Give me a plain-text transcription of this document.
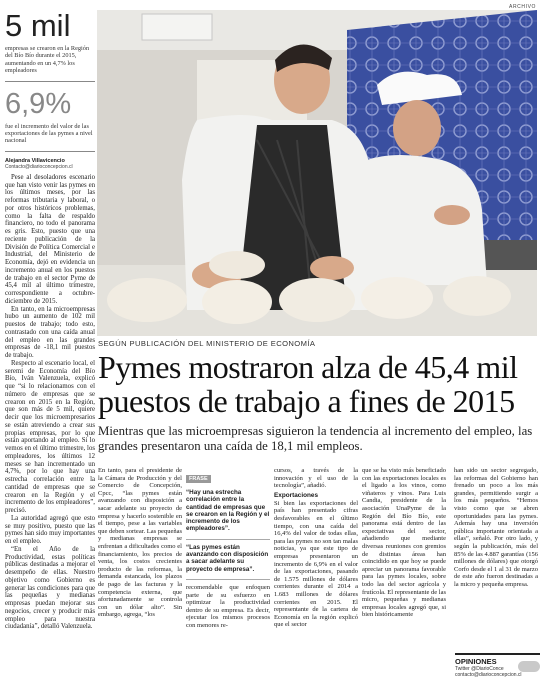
ARCHIVO
5 mil
empresas se crearon en la Región del Bío Bío durante el 2015, aumentando en un 4,7% los empleadores
6,9%
fue el incremento del valor de las exportaciones de las pymes a nivel nacional
Alejandra Villavicencio
Contacto@diarioconcepcion.cl

Pese al desoladores escenario que han visto venir las pymes en los últimos meses, por las reformas tributaria y laboral, o por otros históricos problemas, como la falta de respaldo financiero, no todo el panorama es gris. Esto, puesto que una reciente publicación de la División de Política Comercial e Industrial, del Ministerio de Economía, dejó en evidencia un incremento anual en los puestos de trabajo en el sector Pyme de 45,4 mil al último trimestre, correspondiente a octubre-diciembre de 2015.

En tanto, en la microempresas hubo un aumento de 102 mil puestos de trabajo; todo esto, contrastado con una caída anual del empleo en las grandes empresas de -18,1 mil puestos de trabajo.

Respecto al escenario local, el seremi de Economía del Bío Bío, Iván Valenzuela, explicó que “si lo relacionamos con el número de empresas que se crearon en 2015 en la Región, que son más de 5 mil, quiere decir que los microempresarios se están atreviendo a crear sus propias empresas, por lo que están aportando al empleo. Si lo vemos en el último trimestre, los empleadores, los últimos 12 meses se han incrementado un 4,7%, por lo que hay una estrecha correlación entre la cantidad de empresas que se crearon en la Región y el incremento de los empleadores”, precisó.

La autoridad agregó que esto se muy positivo, puesto que las pymes han sido muy importantes en el empleo.

“En el Año de la Productividad, estas políticas públicas destinadas a mejorar el desempeño de ellas. Nuestro objetivo como Gobierno es generar las condiciones para que las pequeñas y medianas empresas puedan mejorar sus negocios, crecer y producir más empleo para nuestra ciudadanía”, detalló Valenzuela.

SEGÚN PUBLICACIÓN DEL MINISTERIO DE ECONOMÍA
Pymes mostraron alza de 45,4 mil puestos de trabajo a fines de 2015
Mientras que las microempresas siguieron la tendencia al incremento del empleo, las grandes presentaron una caída de 18,1 mil empleos.
En tanto, para el presidente de la Cámara de Producción y del Comercio de Concepción, Cpcc, “las pymes están avanzando con disposición a sacar adelante su proyecto de empresa y hacerlo sostenible en el tiempo, pese a las variables que deben sortear. Las pequeñas y medianas empresas se enfrentan a dificultades como el financiamiento, los precios de venta, los costos crecientes producto de las reformas, la demanda estancada, los plazos de pago de las facturas y la competencia externa, que afortunadamente se controla con un dólar alto”. Sin embargo, agrega, “los
FRASE
“Hay una estrecha correlación entre la cantidad de empresas que se crearon en la Región y el incremento de los empleadores”.
“Las pymes están avanzando con disposición a sacar adelante su proyecto de empresa”.
recomendable que enfoquen parte de su esfuerzo en optimizar la productividad dentro de su empresa. Es decir, ejecutar los mismos procesos con menores re-
cursos, a través de la innovación y el uso de la tecnología”, añadió.
Exportaciones
Si bien las exportaciones del país han presentado cifras desfavorables en el último tiempo, con una caída del 16,4% del valor de todas ellas, para las pymes no son tan malas noticias, ya que este tipo de empresas presentaron un incremento de 6,9% en el valor de las exportaciones, pasando de 1.575 millones de dólares corrientes durante el 2014 a 1.683 millones de dólares corrientes en 2015. El representante de la cartera de Economía en la región explicó que el sector
que se ha visto más beneficiado con las exportaciones locales es el ligado a los vinos, como viñateros y vinos. Para Luis Candia, presidente de la asociación UnaPyme de la Región del Bío Bío, este panorama está dentro de las expectativas del sector, añadiendo que mediante diversas reuniones con gremios de distintas áreas han coincidido en que hoy se puede apreciar un panorama favorable para las pymes locales, sobre todo las del sector agrícola y frutícola. El representante de las micro, pequeñas y medianas empresas locales agregó que, si bien históricamente
han sido un sector segregado, las reformas del Gobierno han frenado un poco a los más grandes, permitiendo surgir a los más pequeños. “Hemos visto como que se abren oportunidades para las pymes. Además hay una inversión pública importante orientada a ellas”, señaló. Por otro lado, y según la publicación, más del 85% de las 4.887 garantías (156 millones de dólares) que otorgó Corfo desde el 1 al 31 de marzo de este año fueron destinadas a la micro y pequeña empresa.
OPINIONES
Twitter @DiarioConce
contacto@diarioconcepcion.cl
